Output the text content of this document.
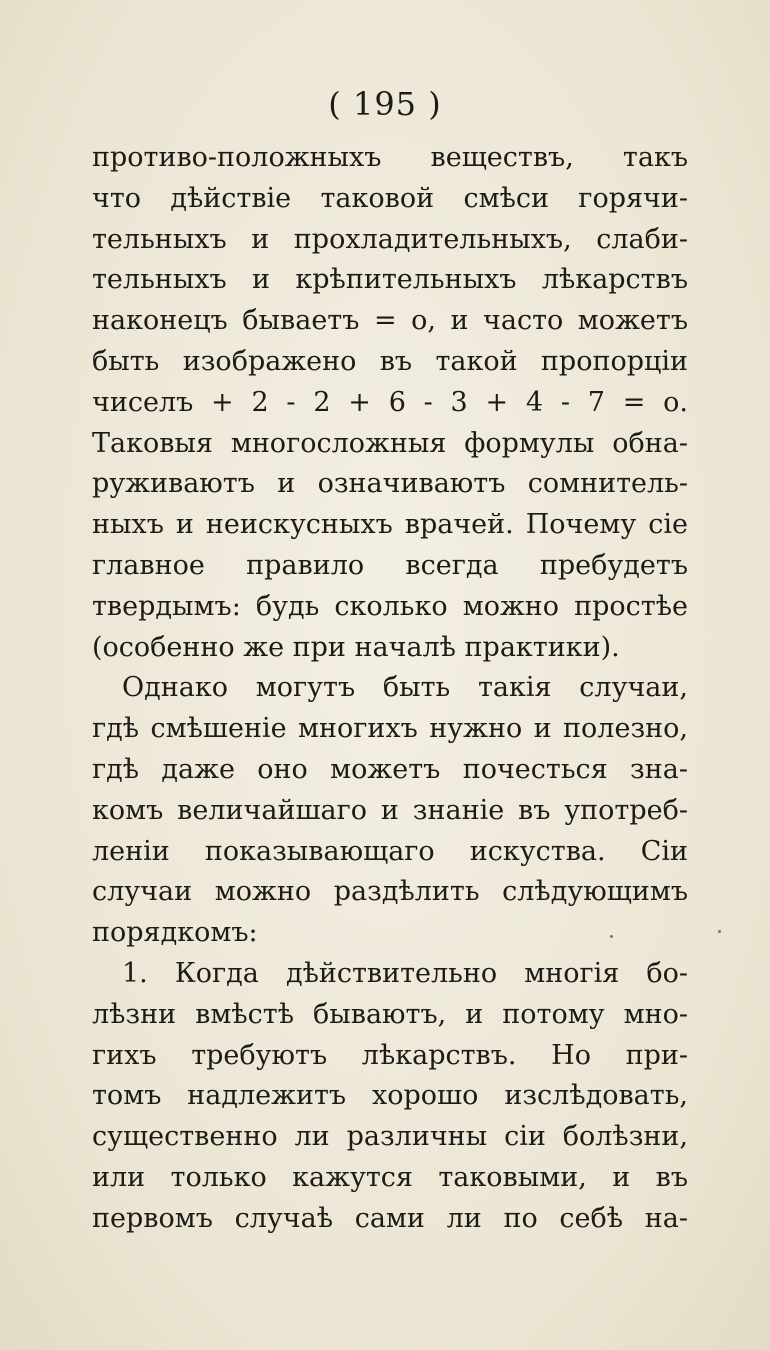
( 195 )
противо-положныхъ веществъ, такъ
что дѣйствіе таковой смѣси горячи-
тельныхъ и прохладительныхъ, слаби-
тельныхъ и крѣпительныхъ лѣкарствъ
наконецъ бываетъ = о, и часто можетъ
быть изображено въ такой пропорціи
чиселъ + 2 - 2 + 6 - 3 + 4 - 7 = о.
Таковыя многосложныя формулы обна-
руживаютъ и означиваютъ сомнитель-
ныхъ и неискусныхъ врачей. Почему сіе
главное правило всегда пребудетъ
твердымъ: будь сколько можно простѣе
(особенно же при началѣ практики).
Однако могутъ быть такія случаи,
гдѣ смѣшеніе многихъ нужно и полезно,
гдѣ даже оно можетъ почесться зна-
комъ величайшаго и знаніе въ употреб-
леніи показывающаго искуства. Сіи
случаи можно раздѣлить слѣдующимъ
порядкомъ:
1. Когда дѣйствительно многія бо-
лѣзни вмѣстѣ бываютъ, и потому мно-
гихъ требуютъ лѣкарствъ. Но при-
томъ надлежитъ хорошо изслѣдовать,
существенно ли различны сіи болѣзни,
или только кажутся таковыми, и въ
первомъ случаѣ сами ли по себѣ на-
